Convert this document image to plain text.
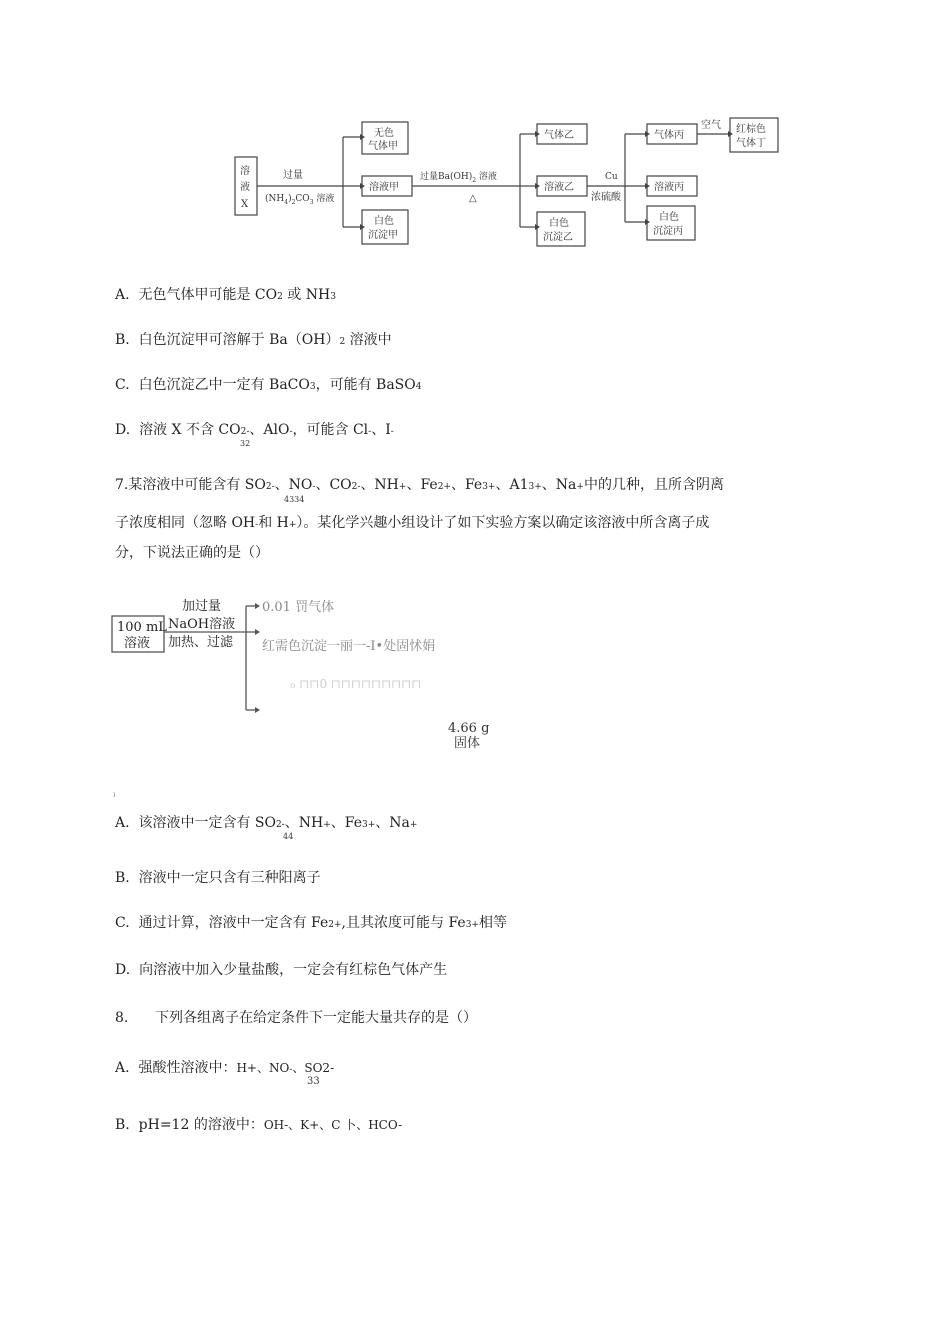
溶
液
X
过量
$(NH_4)_2CO_3$ 溶液
无色
气体甲
溶液甲
白色
沉淀甲
过量$Ba(OH)_2$ 溶液
△
气体乙
溶液乙
白色
沉淀乙
Cu
浓硫酸
气体丙
空气 红棕色
气体丁
溶液丙
白色
沉淀丙
A. 无色气体甲可能是 CO2 或 NH3
B. 白色沉淀甲可溶解于 Ba（OH）2 溶液中
C. 白色沉淀乙中一定有 BaCO3，可能有 BaSO4
D. 溶液 X 不含 CO2-、AlO-，可能含 Cl-、I-
32
7.某溶液中可能含有 SO2-、NO-、CO2-、NH+、Fe2+、Fe3+、A13+、Na+中的几种，且所含阴离
4334
子浓度相同（忽略 OH-和 H+）。某化学兴趣小组设计了如下实验方案以确定该溶液中所含离子成
分，下说法正确的是（）
100 mL
溶液
加过量
NaOH溶液
加热、过滤
0.01 罚气体
红需色沉淀一丽一-I•处固怵娟
ℴ ⊓⊓0 ⊓⊓⊓⊓⊓⊓⊓⊓⊓
4.66 g
固体
ı
A. 该溶液中一定含有 SO2-、NH+、Fe3+、Na+
44
B. 溶液中一定只含有三种阳离子
C. 通过计算，溶液中一定含有 Fe2+,且其浓度可能与 Fe3+相等
D. 向溶液中加入少量盐酸，一定会有红棕色气体产生
8. 下列各组离子在给定条件下一定能大量共存的是（）
A. 强酸性溶液中：H+、NO-、SO2-
33
B. pH=12 的溶液中：OH-、K+、C 卜、HCO-
